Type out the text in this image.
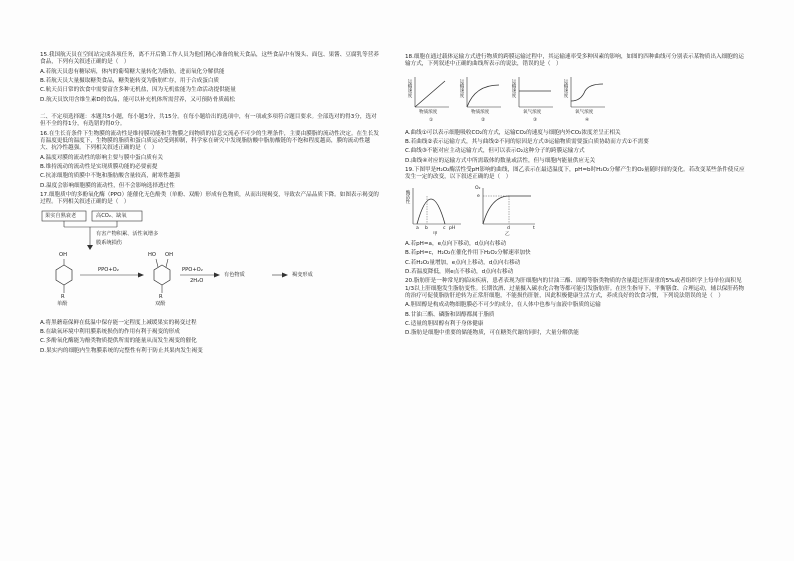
15.我国航天员在空间站完成各项任务，离不开后勤工作人员为他们精心准备的航天食品，这些食品中有馒头、面包、果酱、豆腐乳等营养食品，下列有关叙述正确的是（　）

A.若航天员患有糖尿病，体内的葡萄糖大量转化为脂肪，进而氧化分解供能

B.若航天员大量摄取糖类食品，糖类能转变为脂肪贮存，用于合成蛋白质

C.航天员日常的饮食中需要富含多种无机盐，因为无机盐能为生命活动提供能量

D.航天员饮用含维生素D的饮品，能可以补充机体所需营养，又可预防骨质疏松

二、不定项选择题：本题共5小题，每小题3分，共15分。在每小题给出的选项中，有一项或多项符合题目要求。全部选对的得3分，选对但不全的得1分，有选错的得0分。

16.在生长育条件下生物膜的流动性是维持膜功能和生物膜之间物质的信息交流必不可少的生理条件，主要由膜脂的流动性决定。在生长发育温度更低的温度下，生物膜的脂质和蛋白质运动受到抑制，科学家在研究中发现脂肪酸中脂肪酸链的不饱和程度越高，膜的流动性越大、抗冷性越强。下列相关叙述正确的是（　）

A.温度对膜的流动性的影响主要与膜中蛋白质有关

B.维持流动的流动性是实现质膜功能的必要前提

C.抗冻细胞的质膜中不饱和脂肪酸含量较高，耐寒性越强

D.温度会影响细胞膜的流动性，但不会影响选择透过性

17.细胞质中的多酚氧化酶（PPO）能催化无色酚类（单酚、双酚）形成有色物质，从而出现褐变，导致农产品品质下降。如图表示褐变的过程。下列相关叙述正确的是（　）

果实自熟衰老	高CO₂、缺氧
有害产物积累、活性氧增多
膜系统损伤
OH
R
单酚
PPO+O₂
HO OH
R
双酚
PPO+O₂
2H₂O
有色物质	褐变形成

A.将黑蘑菇保鲜在低温中保存能一定程度上减缓果实的褐变过程

B.在缺氧环境中利用膜系统损伤的作用有利于褐变的形成

C.多酚氧化酶能为酚类物质提供所需的能量从而发生褐变的催化

D.果实内的细胞内生物膜系统的完整性有利于防止其果肉发生褐变

18.细胞在通过载体运输方式进行物质的跨膜运输过程中，其运输速率受多种因素的影响，如图的四种曲线可分别表示某物质出入细胞的运输方式，下列叙述中正确的曲线所表示的说法，错误的是（　）

运输速度
物质浓度
①
运输速度
物质浓度
②
运输速度
氧气浓度
③
运输速度
氧气浓度
④

A.曲线①可以表示细胞吸收CO₂的方式，运输CO₂的速度与细胞内外CO₂浓度差呈正相关

B.若曲线②表示运输方式，其与曲线②不同的原因是方式③运输物质需要蛋白质协助而方式①不需要

C.曲线③不能对应主动运输方式，但可以表示O₂这种分子的跨膜运输方式

D.曲线④对应的运输方式中所需载体的数量或活性，但与细胞内能量供应无关

19.下图甲是H₂O₂酶活性受pH影响的曲线，图乙表示在最适温度下，pH=b时H₂O₂分解产生的O₂量随时间的变化。若改变某些条件使反应发生一定的改变，以下叙述正确的是（　）

酶活性
a b	c pH
甲
O₂
e
d	t
乙

A.若pH=a，e点向下移动，d点向右移动

B.若pH=c，H₂O₂在催化作用下H₂O₂分解速率加快

C.若H₂O₂量增加，e点向上移动，d点向右移动

D.若温度降低，则e点不移动，d点向右移动

20.脂肪肝是一种常见的临床疾病，患者表现为肝细胞内的甘油三酯、固醇等脂类物质的含量超过肝湿重的5%或者组织学上每单位面积见1/3以上肝细胞发生脂肪变性。长期饮酒、过量摄入碳水化合物等都可能引发脂肪肝。在医生指导下，平衡膳食、合理运动，辅以保肝药物的治疗可促使脂肪肝逆转为正常肝细胞，不能损伤肝脏，因此积极健康生活方式，养成良好的饮食习惯，下列说法错误的是（　）

A.胆固醇是构成动物细胞膜必不可少的成分，在人体中也参与血液中脂质的运输

B.甘油三酯、磷脂和固醇都属于脂质

C.适量的胆固醇有利于身体健康

D.脂肪是细胞中重要的储能物质，可在糖类代谢的同时，大量分解供能
